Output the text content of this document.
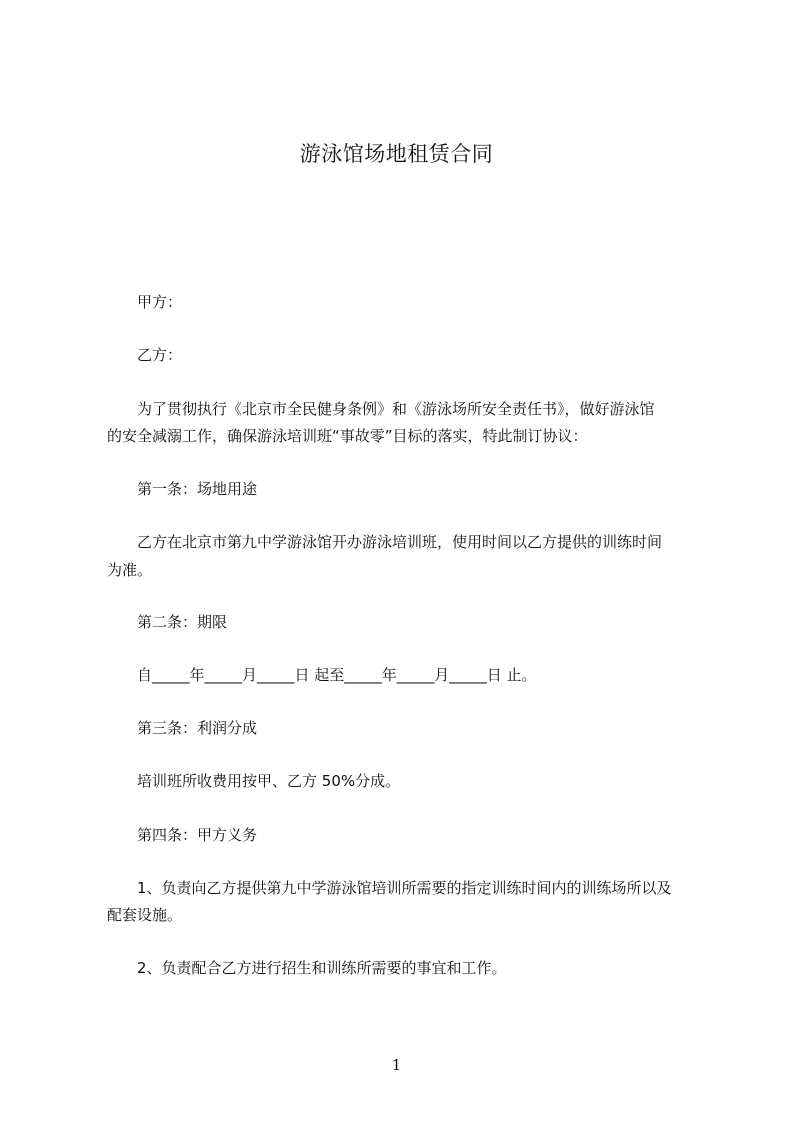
游泳馆场地租赁合同
甲方：
乙方：
为了贯彻执行《北京市全民健身条例》和《游泳场所安全责任书》，做好游泳馆
的安全减溺工作，确保游泳培训班“事故零”目标的落实，特此制订协议：
第一条：场地用途
乙方在北京市第九中学游泳馆开办游泳培训班，使用时间以乙方提供的训练时间
为准。
第二条：期限
自_____年_____月_____日 起至_____年_____月_____日 止。
第三条：利润分成
培训班所收费用按甲、乙方 50%分成。
第四条：甲方义务
1、负责向乙方提供第九中学游泳馆培训所需要的指定训练时间内的训练场所以及
配套设施。
2、负责配合乙方进行招生和训练所需要的事宜和工作。
1
